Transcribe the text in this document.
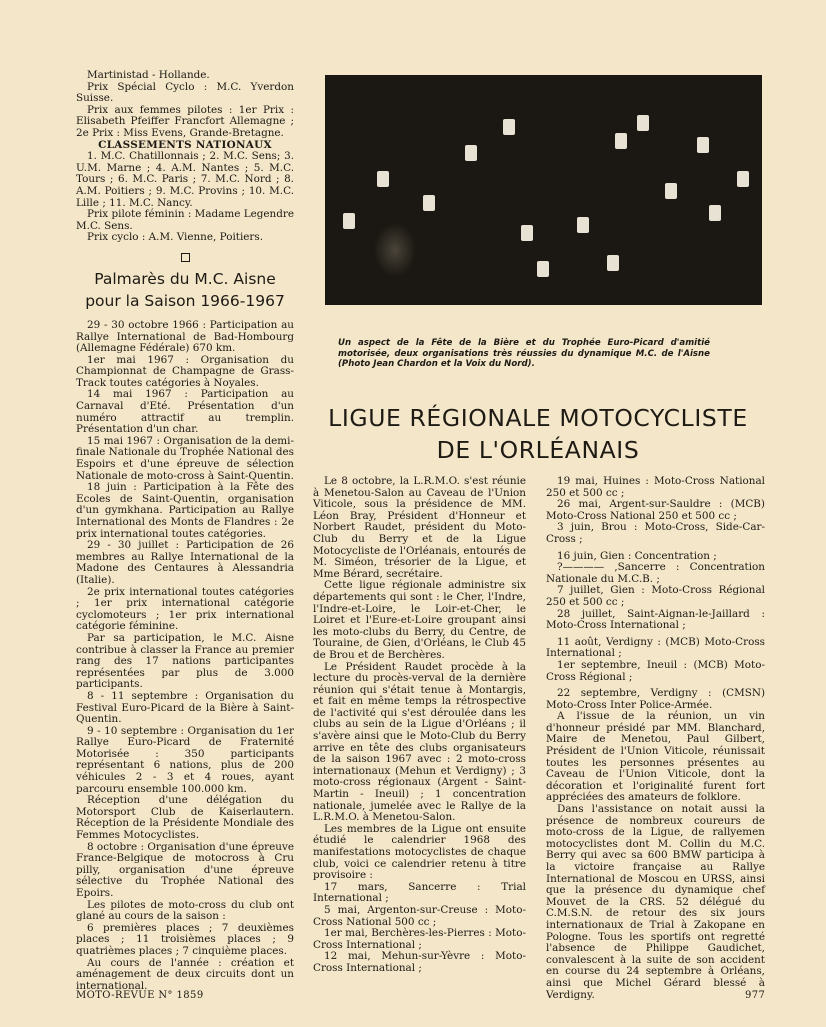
Martinistad - Hollande.

Prix Spécial Cyclo : M.C. Yverdon Suisse.

Prix aux femmes pilotes : 1er Prix : Elisabeth Pfeiffer Francfort Allemagne ; 2e Prix : Miss Evens, Grande-Bretagne.

CLASSEMENTS NATIONAUX

1. M.C. Chatillonnais ; 2. M.C. Sens; 3. U.M. Marne ; 4. A.M. Nantes ; 5. M.C. Tours ; 6. M.C. Paris ; 7. M.C. Nord ; 8. A.M. Poitiers ; 9. M.C. Provins ; 10. M.C. Lille ; 11. M.C. Nancy.

Prix pilote féminin : Madame Legendre M.C. Sens.

Prix cyclo : A.M. Vienne, Poitiers.

Palmarès du M.C. Aisne
pour la Saison 1966-1967

29 - 30 octobre 1966 : Participation au Rallye International de Bad-Hombourg (Allemagne Fédérale) 670 km.

1er mai 1967 : Organisation du Championnat de Champagne de Grass-Track toutes catégories à Noyales.

14 mai 1967 : Participation au Carnaval d'Eté. Présentation d'un numéro attractif au tremplin. Présentation d'un char.

15 mai 1967 : Organisation de la demi-finale Nationale du Trophée National des Espoirs et d'une épreuve de sélection Nationale de moto-cross à Saint-Quentin.

18 juin : Participation à la Fête des Ecoles de Saint-Quentin, organisation d'un gymkhana. Participation au Rallye International des Monts de Flandres : 2e prix international toutes catégories.

29 - 30 juillet : Participation de 26 membres au Rallye International de la Madone des Centaures à Alessandria (Italie).

2e prix international toutes catégories ; 1er prix international catégorie cyclomoteurs ; 1er prix international catégorie féminine.

Par sa participation, le M.C. Aisne contribue à classer la France au premier rang des 17 nations participantes représentées par plus de 3.000 participants.

8 - 11 septembre : Organisation du Festival Euro-Picard de la Bière à Saint-Quentin.

9 - 10 septembre : Organisation du 1er Rallye Euro-Picard de Fraternité Motorisée : 350 participants représentant 6 nations, plus de 200 véhicules 2 - 3 et 4 roues, ayant parcouru ensemble 100.000 km.

Réception d'une délégation du Motorsport Club de Kaiserlautern. Réception de la Présidente Mondiale des Femmes Motocyclistes.

8 octobre : Organisation d'une épreuve France-Belgique de motocross à Cru pilly, organisation d'une épreuve sélective du Trophée National des Epoirs.

Les pilotes de moto-cross du club ont glané au cours de la saison :

6 premières places ; 7 deuxièmes places ; 11 troisièmes places ; 9 quatrièmes places ; 7 cinquième places.

Au cours de l'année : création et aménagement de deux circuits dont un international.

Un aspect de la Fête de la Bière et du Trophée Euro-Picard d'amitié motorisée, deux organisations très réussies du dynamique M.C. de l'Aisne (Photo Jean Chardon et la Voix du Nord).
LIGUE RÉGIONALE MOTOCYCLISTE
DE L'ORLÉANAIS

Le 8 octobre, la L.R.M.O. s'est réunie à Menetou-Salon au Caveau de l'Union Viticole, sous la présidence de MM. Léon Bray, Président d'Honneur et Norbert Raudet, président du Moto-Club du Berry et de la Ligue Motocycliste de l'Orléanais, entourés de M. Siméon, trésorier de la Ligue, et Mme Bérard, secrétaire.

Cette ligue régionale administre six départements qui sont : le Cher, l'Indre, l'Indre-et-Loire, le Loir-et-Cher, le Loiret et l'Eure-et-Loire groupant ainsi les moto-clubs du Berry, du Centre, de Touraine, de Gien, d'Orléans, le Club 45 de Brou et de Berchères.

Le Président Raudet procède à la lecture du procès-verval de la dernière réunion qui s'était tenue à Montargis, et fait en même temps la rétrospective de l'activité qui s'est déroulée dans les clubs au sein de la Ligue d'Orléans ; il s'avère ainsi que le Moto-Club du Berry arrive en tête des clubs organisateurs de la saison 1967 avec : 2 moto-cross internationaux (Mehun et Verdigny) ; 3 moto-cross régionaux (Argent - Saint-Martin - Ineuil) ; 1 concentration nationale, jumelée avec le Rallye de la L.R.M.O. à Menetou-Salon.

Les membres de la Ligue ont ensuite étudié le calendrier 1968 des manifestations motocyclistes de chaque club, voici ce calendrier retenu à titre provisoire :

17 mars, Sancerre : Trial International ;

5 mai, Argenton-sur-Creuse : Moto-Cross National 500 cc ;

1er mai, Berchères-les-Pierres : Moto-Cross International ;

12 mai, Mehun-sur-Yèvre : Moto-Cross International ;

19 mai, Huines : Moto-Cross National 250 et 500 cc ;

26 mai, Argent-sur-Sauldre : (MCB) Moto-Cross National 250 et 500 cc ;

3 juin, Brou : Moto-Cross, Side-Car-Cross ;

16 juin, Gien : Concentration ;

?———— ,Sancerre : Concentration Nationale du M.C.B. ;

7 juillet, Gien : Moto-Cross Régional 250 et 500 cc ;

28 juillet, Saint-Aignan-le-Jaillard : Moto-Cross International ;

11 août, Verdigny : (MCB) Moto-Cross International ;

1er septembre, Ineuil : (MCB) Moto-Cross Régional ;

22 septembre, Verdigny : (CMSN) Moto-Cross Inter Police-Armée.

A l'issue de la réunion, un vin d'honneur présidé par MM. Blanchard, Maire de Menetou, Paul Gilbert, Président de l'Union Viticole, réunissait toutes les personnes présentes au Caveau de l'Union Viticole, dont la décoration et l'originalité furent fort appréciées des amateurs de folklore.

Dans l'assistance on notait aussi la présence de nombreux coureurs de moto-cross de la Ligue, de rallyemen motocyclistes dont M. Collin du M.C. Berry qui avec sa 600 BMW participa à la victoire française au Rallye International de Moscou en URSS, ainsi que la présence du dynamique chef Mouvet de la CRS. 52 délégué du C.M.S.N. de retour des six jours internationaux de Trial à Zakopane en Pologne. Tous les sportifs ont regretté l'absence de Philippe Gaudichet, convalescent à la suite de son accident en course du 24 septembre à Orléans, ainsi que Michel Gérard blessé à Verdigny.

MOTO-REVUE N° 1859	977
